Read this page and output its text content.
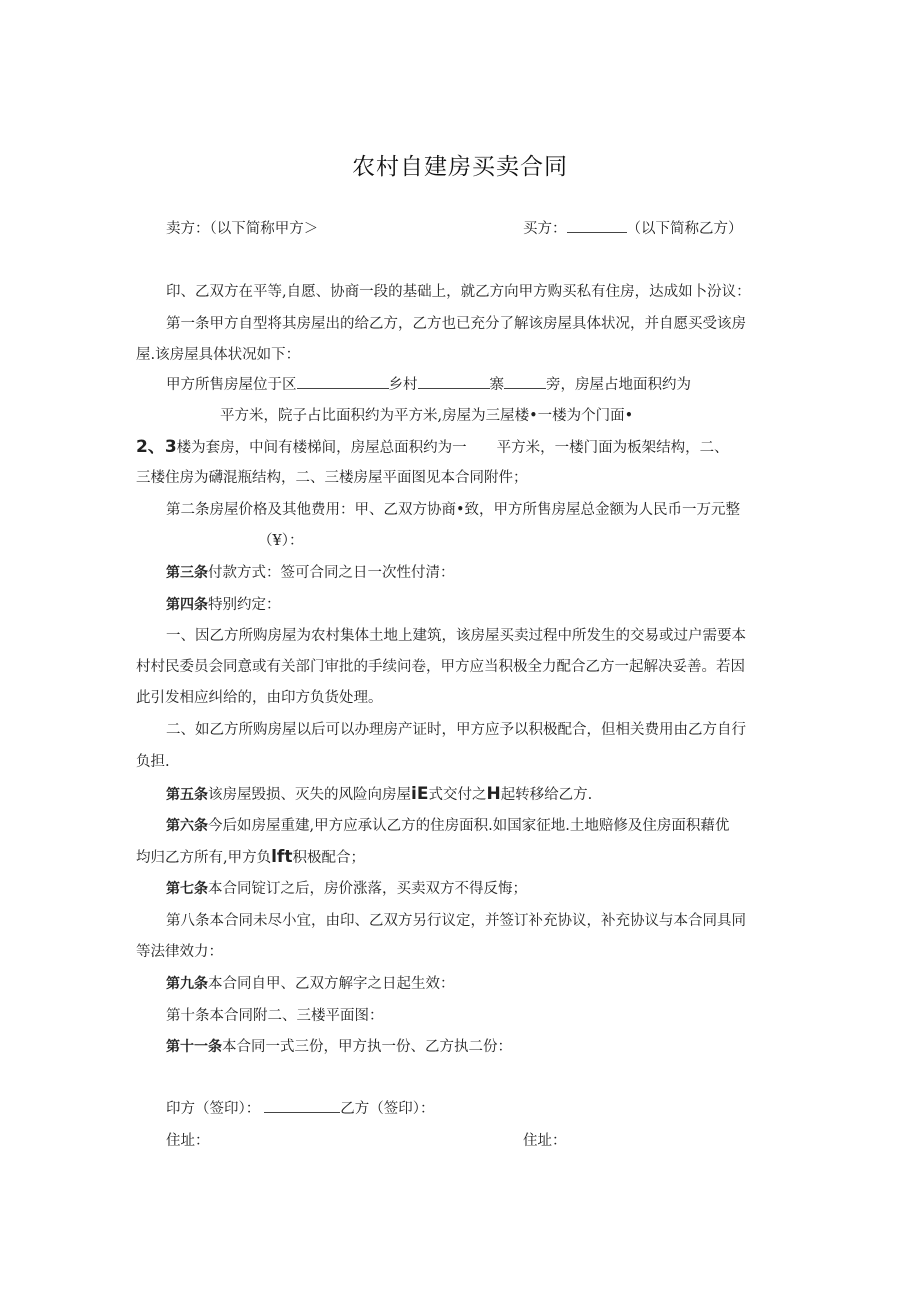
农村自建房买卖合同
卖方：（以下简称甲方＞	买方：	（以下简称乙方）
印、乙双方在平等,自愿、协商一段的基础上，就乙方向甲方购买私有住房，达成如卜汾议：
第一条甲方自型将其房屋出的给乙方，乙方也已充分了解该房屋具体状况，并自愿买受该房
屋.该房屋具体状况如下：
甲方所售房屋位于区	乡村	寨	旁，房屋占地面积约为
平方米，院子占比面积约为平方米,房屋为三屋楼•一楼为个门面•
2、3楼为套房，中间有楼梯间，房屋总面积约为一 平方米，一楼门面为板架结构，二、
三楼住房为礴混瓶结构，二、三楼房屋平面图见本合同附件；
第二条房屋价格及其他费用：甲、乙双方协商•致，甲方所售房屋总金额为人民币一万元整
（¥）：
第三条付款方式：签可合同之日一次性付清：
第四条特别约定：
一、因乙方所购房屋为农村集体土地上建筑，该房屋买卖过程中所发生的交易或过户需要本
村村民委员会同意或有关部门审批的手续问卷，甲方应当积极全力配合乙方一起解决妥善。若因
此引发相应纠给的，由印方负货处理。
二、如乙方所购房屋以后可以办理房产证时，甲方应予以积极配合，但相关费用由乙方自行
负担.
第五条该房屋毁损、灭失的风险向房屋iE式交付之H起转移给乙方.
第六条今后如房屋重建,甲方应承认乙方的住房面积.如国家征地.土地赔修及住房面积藉优
均归乙方所有,甲方负lft积极配合；
第七条本合同锭订之后，房价涨落，买卖双方不得反悔；
第八条本合同未尽小宜，由印、乙双方另行议定，并签订补充协议，补充协议与本合同具同
等法律效力：
第九条本合同自甲、乙双方解字之日起生效：
第十条本合同附二、三楼平面图：
第十一条本合同一式三份，甲方执一份、乙方执二份：
印方（签印）：	乙方（签印）：
住址：	住址：
